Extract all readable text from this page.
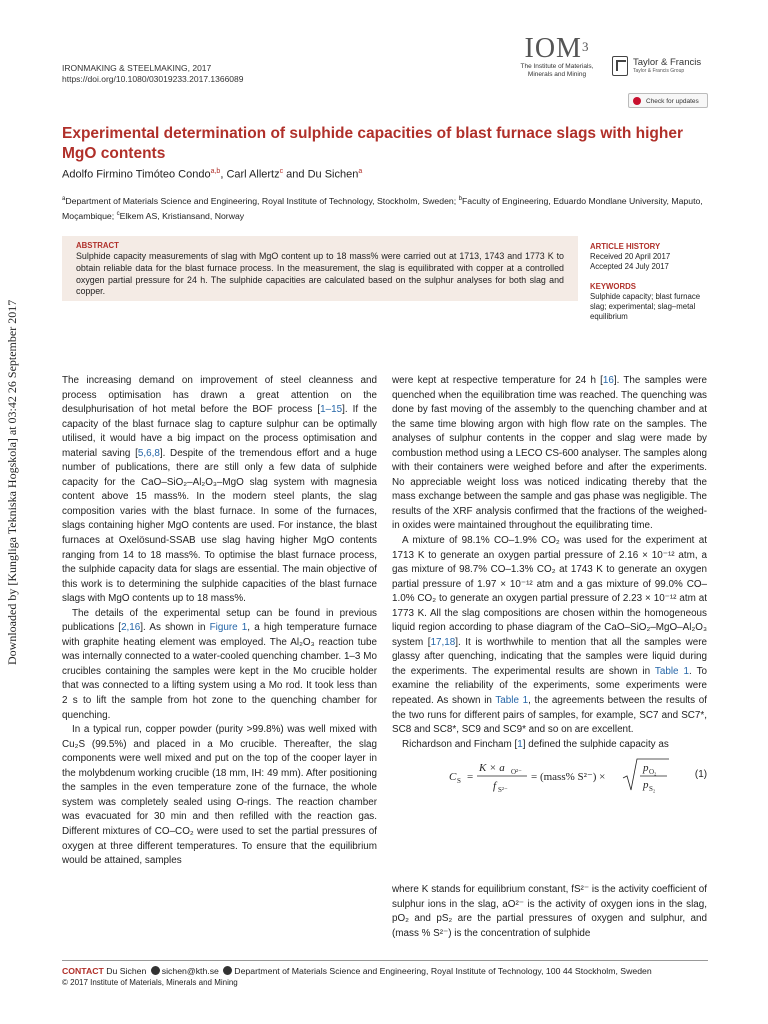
IRONMAKING & STEELMAKING, 2017
https://doi.org/10.1080/03019233.2017.1366089
IOM$^3$
The Institute of Materials,
Minerals and Mining
Taylor & Francis
Taylor & Francis Group
Check for updates
Experimental determination of sulphide capacities of blast furnace slags with higher MgO contents
Adolfo Firmino Timóteo Condo$^{a,b}$, Carl Allertz$^c$ and Du Sichen$^a$
$^a$Department of Materials Science and Engineering, Royal Institute of Technology, Stockholm, Sweden; $^b$Faculty of Engineering, Eduardo Mondlane University, Maputo, Moçambique; $^c$Elkem AS, Kristiansand, Norway
ABSTRACT
Sulphide capacity measurements of slag with MgO content up to 18 mass% were carried out at 1713, 1743 and 1773 K to obtain reliable data for the blast furnace process. In the measurement, the slag is equilibrated with copper at a controlled oxygen partial pressure for 24 h. The sulphide capacities are calculated based on the sulphur analyses for both slag and copper.
ARTICLE HISTORY
Received 20 April 2017
Accepted 24 July 2017
KEYWORDS
Sulphide capacity; blast furnace slag; experimental; slag–metal equilibrium
Downloaded by [Kungliga Tekniska Hogskola] at 03:42 26 September 2017	The increasing demand on improvement of steel cleanness and process optimisation has drawn a great attention on the desulphurisation of hot metal before the BOF process [1–15]. If the capacity of the blast furnace slag to capture sulphur can be optimally utilised, it would have a big impact on the process optimisation and material saving [5,6,8]. Despite of the tremendous effort and a huge number of publications, there are still only a few data of sulphide capacity for the CaO–SiO₂–Al₂O₃–MgO slag system with magnesia content above 15 mass%. In the modern steel plants, the slag composition varies with the blast furnace. In some of the furnaces, slags containing higher MgO contents are used. For instance, the blast furnaces at Oxelösund-SSAB use slag having higher MgO contents ranging from 14 to 18 mass%. To optimise the blast furnace process, the sulphide capacity data for slags are essential. The main objective of this work is to determining the sulphide capacities of the blast furnace slags with MgO contents up to 18 mass%.

The details of the experimental setup can be found in previous publications [2,16]. As shown in Figure 1, a high temperature furnace with graphite heating element was employed. The Al₂O₃ reaction tube was internally connected to a water-cooled quenching chamber. 1–3 Mo crucibles containing the samples were kept in the Mo crucible holder that was connected to a lifting system using a Mo rod. It took less than 2 s to lift the sample from hot zone to the quenching chamber for quenching.

In a typical run, copper powder (purity >99.8%) was well mixed with Cu₂S (99.5%) and placed in a Mo crucible. Thereafter, the slag components were well mixed and put on the top of the cooper layer in the molybdenum working crucible (18 mm, IH: 49 mm). After positioning the samples in the even temperature zone of the furnace, the whole system was completely sealed using O-rings. The reaction chamber was evacuated for 30 min and then refilled with the reaction gas. Different mixtures of CO–CO₂ were used to set the partial pressures of oxygen at three different temperatures. To ensure that the equilibrium would be attained, samples

were kept at respective temperature for 24 h [16]. The samples were quenched when the equilibration time was reached. The quenching was done by fast moving of the assembly to the quenching chamber and at the same time blowing argon with high flow rate on the samples. The analyses of sulphur contents in the copper and slag were made by combustion method using a LECO CS-600 analyser. The samples along with their containers were weighed before and after the experiments. No appreciable weight loss was noticed indicating thereby that the mass exchange between the sample and gas phase was negligible. The results of the XRF analysis confirmed that the fractions of the weighed-in oxides were maintained throughout the equilibrating time.

A mixture of 98.1% CO–1.9% CO₂ was used for the experiment at 1713 K to generate an oxygen partial pressure of 2.16 × 10⁻¹² atm, a gas mixture of 98.7% CO–1.3% CO₂ at 1743 K to generate an oxygen partial pressure of 1.97 × 10⁻¹² atm and a gas mixture of 99.0% CO–1.0% CO₂ to generate an oxygen partial pressure of 2.23 × 10⁻¹² atm at 1773 K. All the slag compositions are chosen within the homogeneous liquid region according to phase diagram of the CaO–SiO₂–MgO–Al₂O₃ system [17,18]. It is worthwhile to mention that all the samples were glassy after quenching, indicating that the samples were liquid during the experiments. The experimental results are shown in Table 1. To examine the reliability of the experiments, some experiments were repeated. As shown in Table 1, the agreements between the results of the two runs for different pairs of samples, for example, SC7 and SC7*, SC8 and SC8*, SC9 and SC9* and so on are excellent.

Richardson and Fincham [1] defined the sulphide capacity as

C S =
K × a O²⁻
f S²⁻
= (mass% S²⁻) ×
p O₂
p S₂
(1)

where K stands for equilibrium constant, fS²⁻ is the activity coefficient of sulphur ions in the slag, aO²⁻ is the activity of oxygen ions in the slag, pO₂ and pS₂ are the partial pressures of oxygen and sulphur, and (mass % S²⁻) is the concentration of sulphide

CONTACT Du Sichen sichen@kth.se Department of Materials Science and Engineering, Royal Institute of Technology, 100 44 Stockholm, Sweden
© 2017 Institute of Materials, Minerals and Mining
